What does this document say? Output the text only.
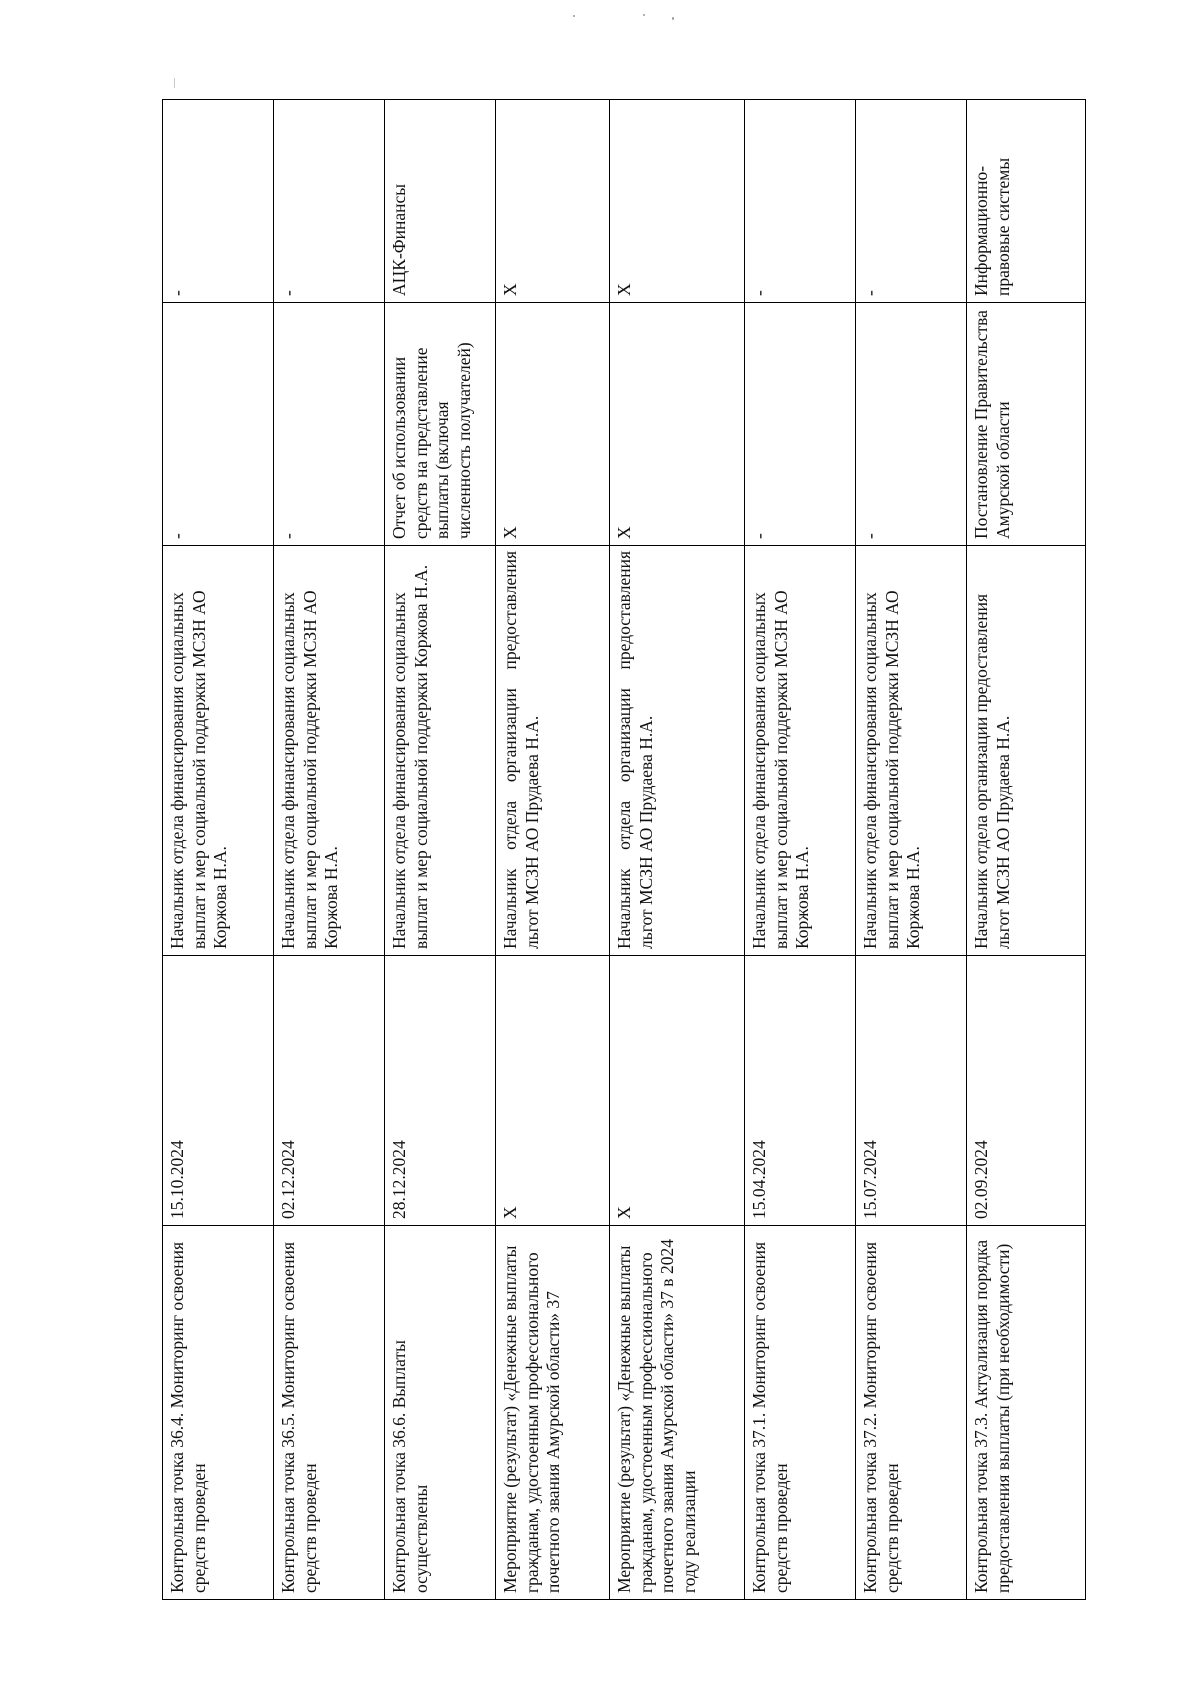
Контрольная точка 36.4. Мониторинг освоения средств проведен	15.10.2024	Начальник отдела финансирования социальных выплат и мер социальной поддержки МСЗН АО Коржова Н.А.	-	-
Контрольная точка 36.5. Мониторинг освоения средств проведен	02.12.2024	Начальник отдела финансирования социальных выплат и мер социальной поддержки МСЗН АО Коржова Н.А.	-	-
Контрольная точка 36.6. Выплаты осуществлены	28.12.2024	Начальник отдела финансирования социальных выплат и мер социальной поддержки Коржова Н.А.	Отчет об использовании средств на представление выплаты (включая численность получателей)	АЦК-Финансы
Мероприятие (результат) «Денежные выплаты гражданам, удостоенным профессионального почетного звания Амурской области» 37	X	Начальник отдела организации предоставления льгот МСЗН АО Прудаева Н.А.	X	X
Мероприятие (результат) «Денежные выплаты гражданам, удостоенным профессионального почетного звания Амурской области» 37 в 2024 году реализации	X	Начальник отдела организации предоставления льгот МСЗН АО Прудаева Н.А.	X	X
Контрольная точка 37.1. Мониторинг освоения средств проведен	15.04.2024	Начальник отдела финансирования социальных выплат и мер социальной поддержки МСЗН АО Коржова Н.А.	-	-
Контрольная точка 37.2. Мониторинг освоения средств проведен	15.07.2024	Начальник отдела финансирования социальных выплат и мер социальной поддержки МСЗН АО Коржова Н.А.	-	-
Контрольная точка 37.3. Актуализация порядка предоставления выплаты (при необходимости)	02.09.2024	Начальник отдела организации предоставления льгот МСЗН АО Прудаева Н.А.	Постановление Правительства Амурской области	Информационно-правовые системы
